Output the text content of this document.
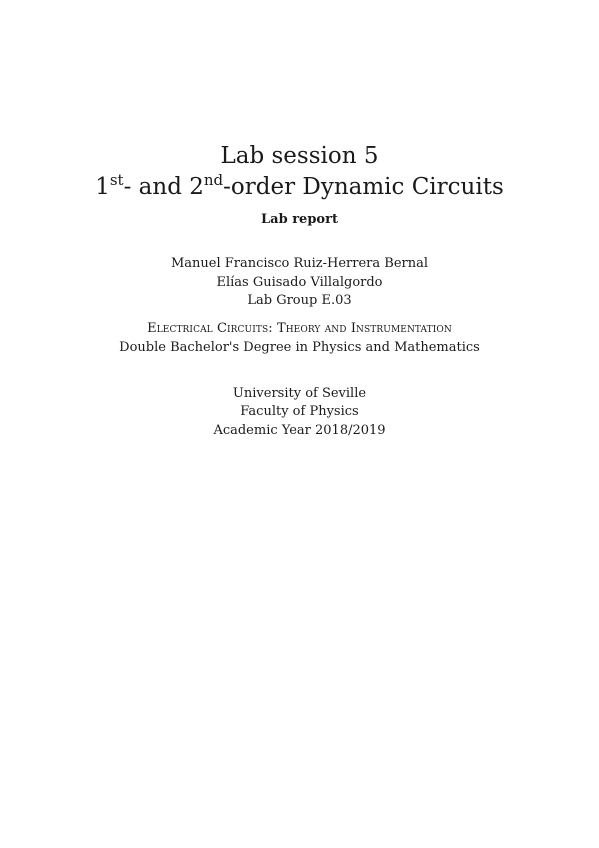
Lab session 5
1st- and 2nd-order Dynamic Circuits
Lab report
Manuel Francisco Ruiz-Herrera Bernal
Elías Guisado Villalgordo
Lab Group E.03
Electrical Circuits: Theory and Instrumentation
Double Bachelor's Degree in Physics and Mathematics
University of Seville
Faculty of Physics
Academic Year 2018/2019
